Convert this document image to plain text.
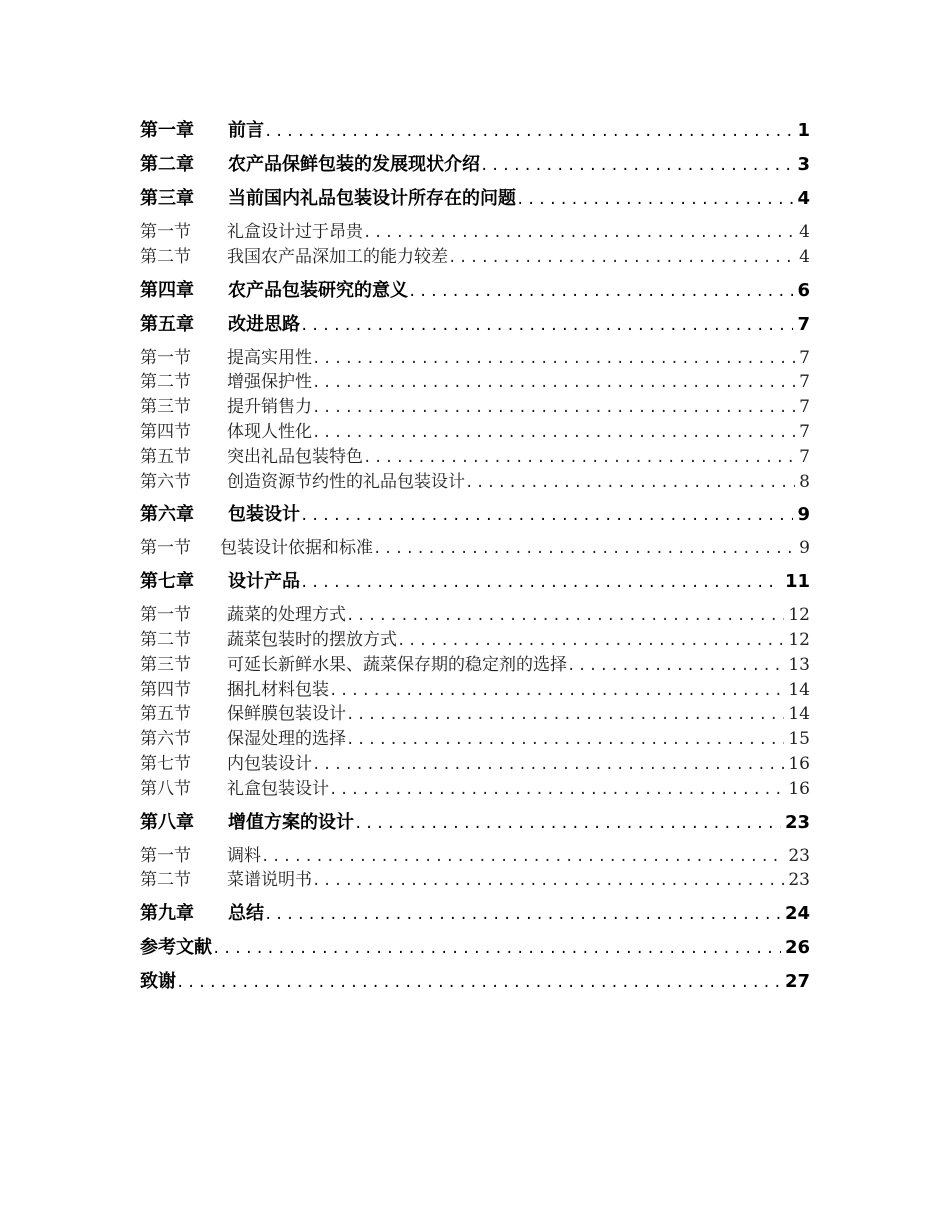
第一章	前言 . . .	1
第二章	农产品保鲜包装的发展现状介绍 . . .	3
第三章	当前国内礼品包装设计所存在的问题 . . .	4
第一节	礼盒设计过于昂贵 . . .	4
第二节	我国农产品深加工的能力较差 . . .	4
第四章	农产品包装研究的意义 . . .	6
第五章	改进思路 . . .	7
第一节	提高实用性 . . .	7
第二节	增强保护性 . . .	7
第三节	提升销售力 . . .	7
第四节	体现人性化 . . .	7
第五节	突出礼品包装特色 . . .	7
第六节	创造资源节约性的礼品包装设计 . . .	8
第六章	包装设计 . . .	9
第一节	包装设计依据和标准 . . .	9
第七章	设计产品 . . .	11
第一节	蔬菜的处理方式 . . .	12
第二节	蔬菜包装时的摆放方式 . . .	12
第三节	可延长新鲜水果、蔬菜保存期的稳定剂的选择 . . .	13
第四节	捆扎材料包装 . . .	14
第五节	保鲜膜包装设计 . . .	14
第六节	保湿处理的选择 . . .	15
第七节	内包装设计 . . .	16
第八节	礼盒包装设计 . . .	16
第八章	增值方案的设计 . . .	23
第一节	调料 . . .	23
第二节	菜谱说明书 . . .	23
第九章	总结 . . .	24
参考文献 . . .	26
致谢 . . .	27
